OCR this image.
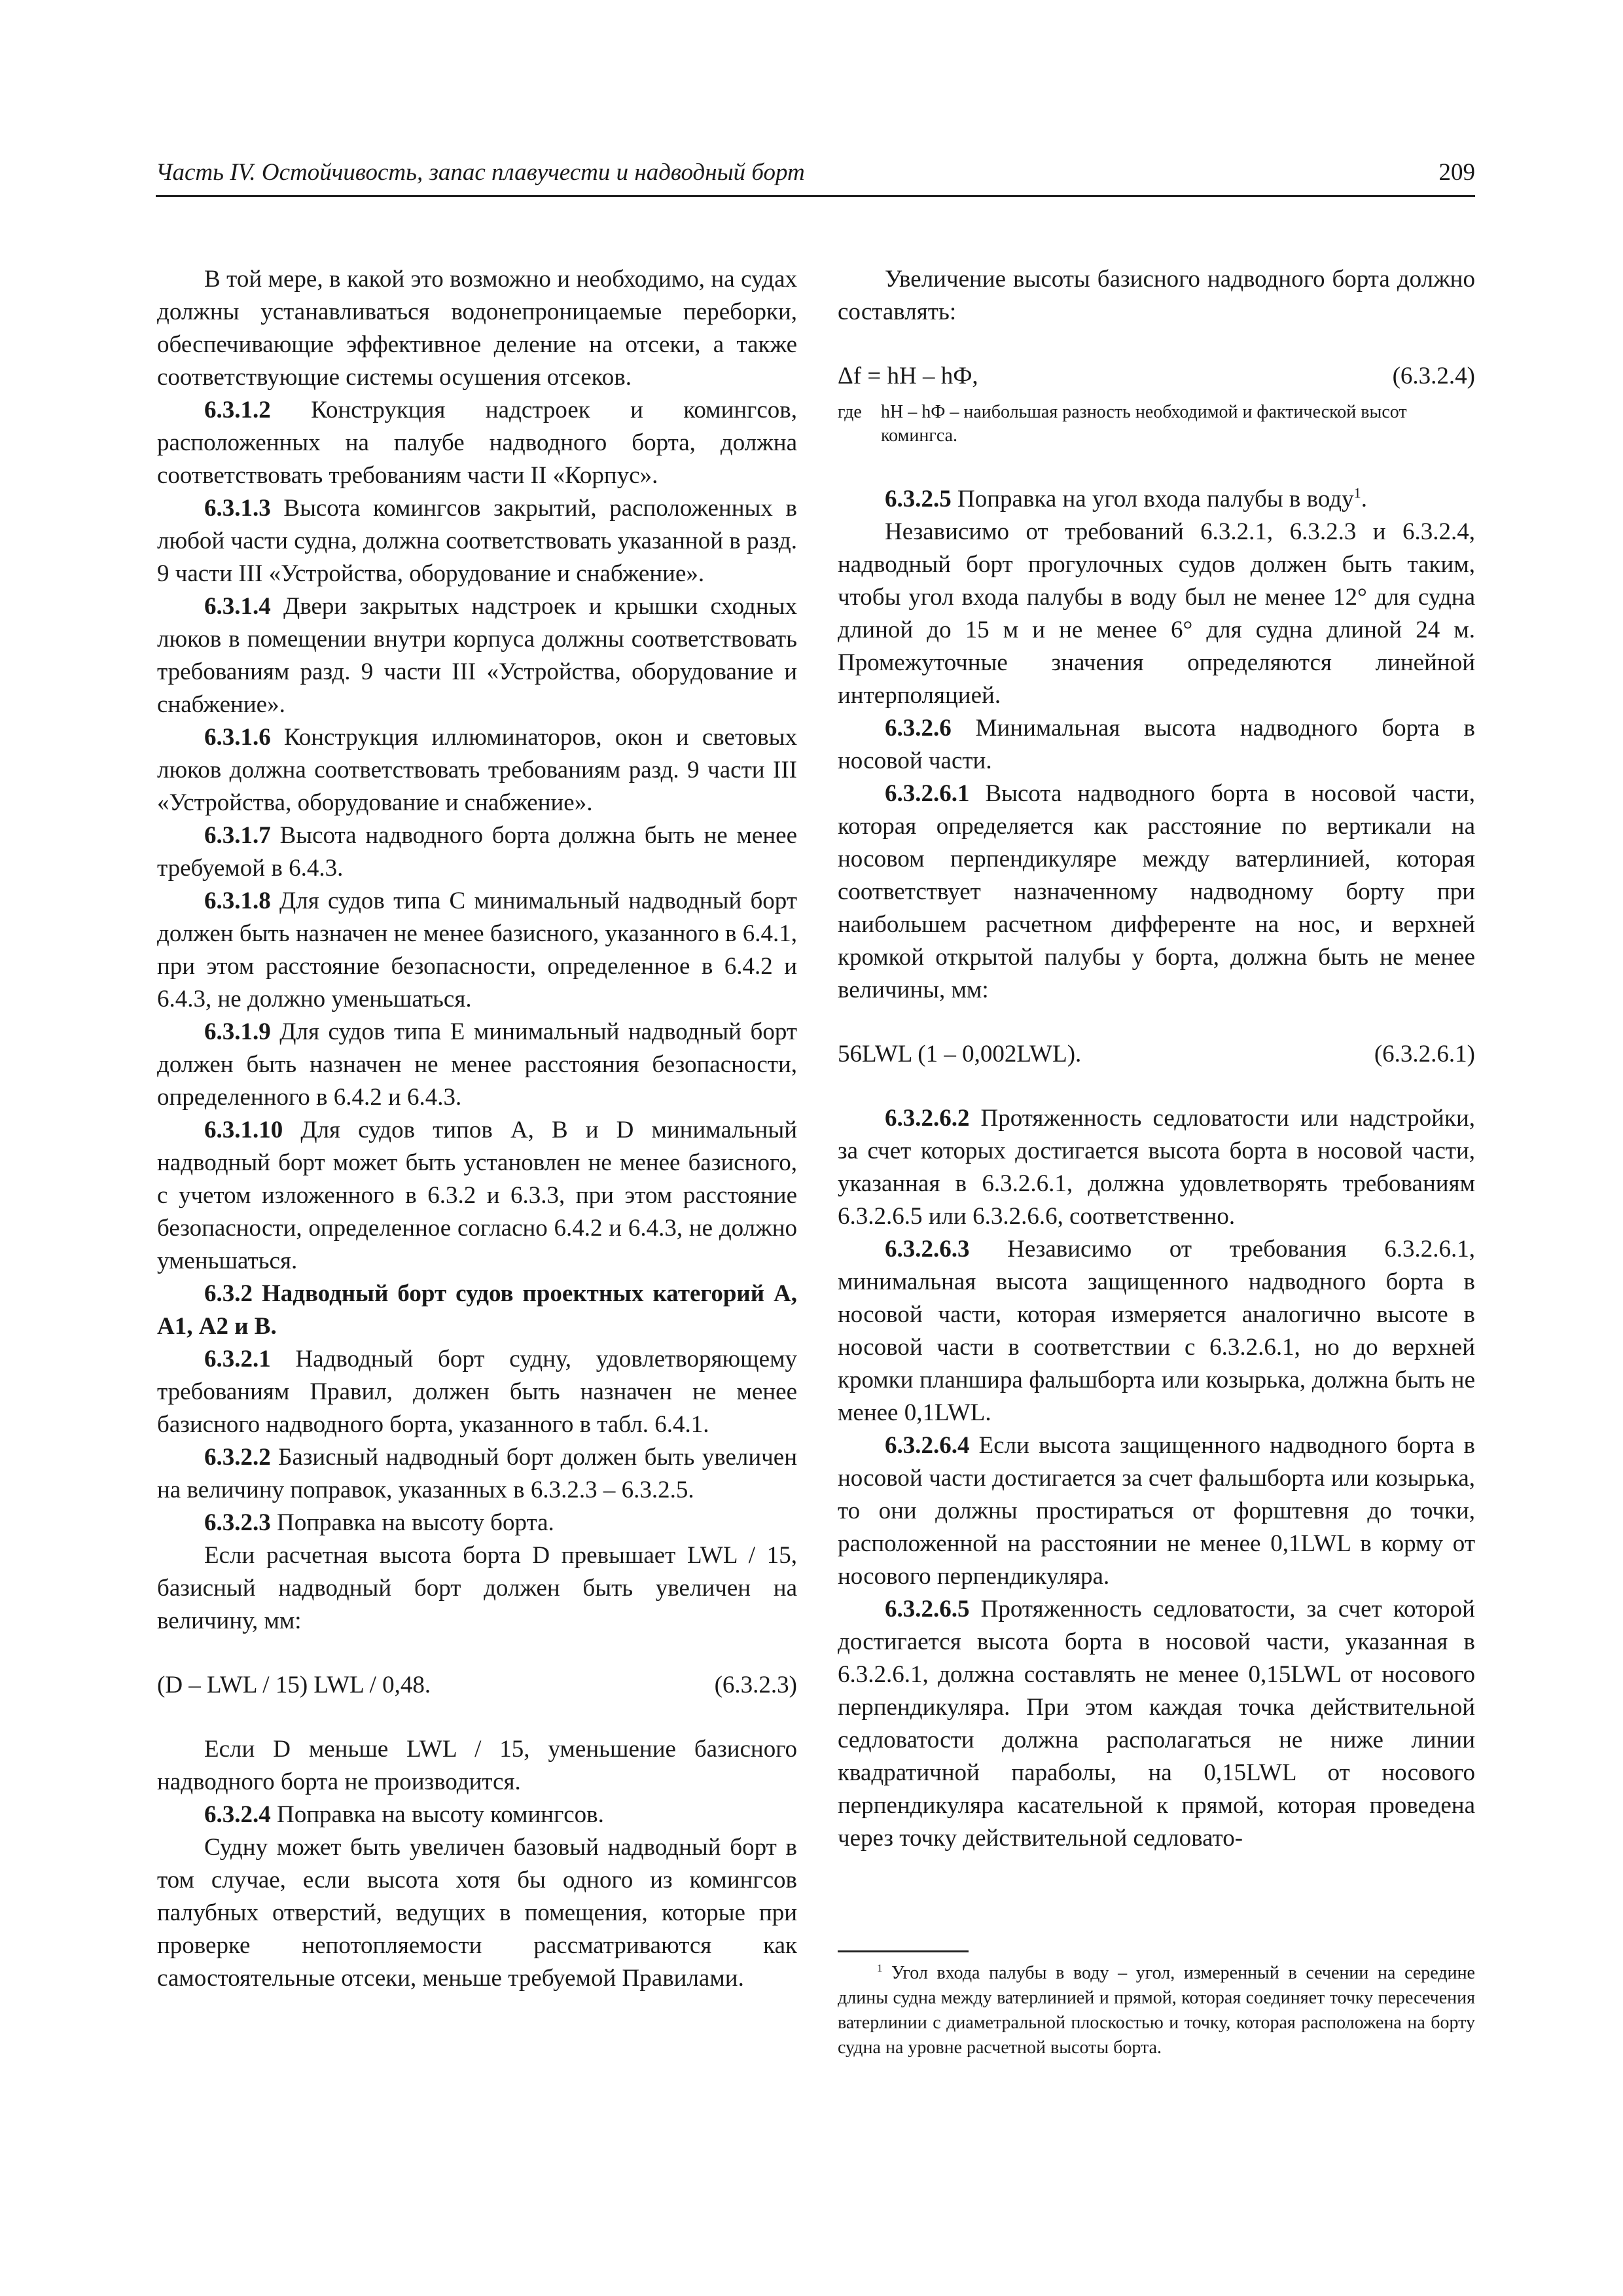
Часть IV. Остойчивость, запас плавучести и надводный борт	209

В той мере, в какой это возможно и необходимо, на судах должны устанавливаться водонепроницаемые переборки, обеспечивающие эффективное деление на отсеки, а также соответствующие системы осушения отсеков.

6.3.1.2 Конструкция надстроек и комингсов, расположенных на палубе надводного борта, должна соответствовать требованиям части II «Корпус».

6.3.1.3 Высота комингсов закрытий, расположенных в любой части судна, должна соответствовать указанной в разд. 9 части III «Устройства, оборудование и снабжение».

6.3.1.4 Двери закрытых надстроек и крышки сходных люков в помещении внутри корпуса должны соответствовать требованиям разд. 9 части III «Устройства, оборудование и снабжение».

6.3.1.6 Конструкция иллюминаторов, окон и световых люков должна соответствовать требованиям разд. 9 части III «Устройства, оборудование и снабжение».

6.3.1.7 Высота надводного борта должна быть не менее требуемой в 6.4.3.

6.3.1.8 Для судов типа С минимальный надводный борт должен быть назначен не менее базисного, указанного в 6.4.1, при этом расстояние безопасности, определенное в 6.4.2 и 6.4.3, не должно уменьшаться.

6.3.1.9 Для судов типа Е минимальный надводный борт должен быть назначен не менее расстояния безопасности, определенного в 6.4.2 и 6.4.3.

6.3.1.10 Для судов типов А, В и D минимальный надводный борт может быть установлен не менее базисного, с учетом изложенного в 6.3.2 и 6.3.3, при этом расстояние безопасности, определенное согласно 6.4.2 и 6.4.3, не должно уменьшаться.

6.3.2 Надводный борт судов проектных категорий А, А1, А2 и В.

6.3.2.1 Надводный борт судну, удовлетворяющему требованиям Правил, должен быть назначен не менее базисного надводного борта, указанного в табл. 6.4.1.

6.3.2.2 Базисный надводный борт должен быть увеличен на величину поправок, указанных в 6.3.2.3 – 6.3.2.5.

6.3.2.3 Поправка на высоту борта.

Если расчетная высота борта D превышает LWL / 15, базисный надводный борт должен быть увеличен на величину, мм:

(D – LWL / 15) LWL / 0,48.	(6.3.2.3)

Если D меньше LWL / 15, уменьшение базисного надводного борта не производится.

6.3.2.4 Поправка на высоту комингсов.

Судну может быть увеличен базовый надводный борт в том случае, если высота хотя бы одного из комингсов палубных отверстий, ведущих в помещения, которые при проверке непотопляемости рассматриваются как самостоятельные отсеки, меньше требуемой Правилами.

Увеличение высоты базисного надводного борта должно составлять:

Δf = hН – hФ,	(6.3.2.4)
где	hН – hФ – наибольшая разность необходимой и фактической высот комингса.

6.3.2.5 Поправка на угол входа палубы в воду$^1$.

Независимо от требований 6.3.2.1, 6.3.2.3 и 6.3.2.4, надводный борт прогулочных судов должен быть таким, чтобы угол входа палубы в воду был не менее 12° для судна длиной до 15 м и не менее 6° для судна длиной 24 м. Промежуточные значения определяются линейной интерполяцией.

6.3.2.6 Минимальная высота надводного борта в носовой части.

6.3.2.6.1 Высота надводного борта в носовой части, которая определяется как расстояние по вертикали на носовом перпендикуляре между ватерлинией, которая соответствует назначенному надводному борту при наибольшем расчетном дифференте на нос, и верхней кромкой открытой палубы у борта, должна быть не менее величины, мм:

56LWL (1 – 0,002LWL).	(6.3.2.6.1)

6.3.2.6.2 Протяженность седловатости или надстройки, за счет которых достигается высота борта в носовой части, указанная в 6.3.2.6.1, должна удовлетворять требованиям 6.3.2.6.5 или 6.3.2.6.6, соответственно.

6.3.2.6.3 Независимо от требования 6.3.2.6.1, минимальная высота защищенного надводного борта в носовой части, которая измеряется аналогично высоте в носовой части в соответствии с 6.3.2.6.1, но до верхней кромки планшира фальшборта или козырька, должна быть не менее 0,1LWL.

6.3.2.6.4 Если высота защищенного надводного борта в носовой части достигается за счет фальшборта или козырька, то они должны простираться от форштевня до точки, расположенной на расстоянии не менее 0,1LWL в корму от носового перпендикуляра.

6.3.2.6.5 Протяженность седловатости, за счет которой достигается высота борта в носовой части, указанная в 6.3.2.6.1, должна составлять не менее 0,15LWL от носового перпендикуляра. При этом каждая точка действительной седловатости должна располагаться не ниже линии квадратичной параболы, на 0,15LWL от носового перпендикуляра касательной к прямой, которая проведена через точку действительной седловато-

$^1$ Угол входа палубы в воду – угол, измеренный в сечении на середине длины судна между ватерлинией и прямой, которая соединяет точку пересечения ватерлинии с диаметральной плоскостью и точку, которая расположена на борту судна на уровне расчетной высоты борта.
